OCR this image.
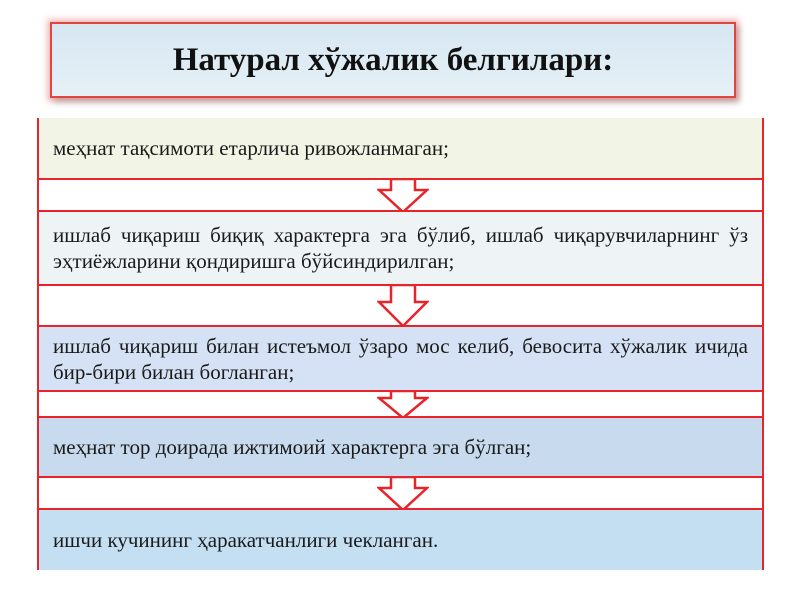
Натурал хўжалик белгилари:
меҳнат тақсимоти етарлича ривожланмаган;
ишлаб чиқариш биқиқ характерга эга бўлиб, ишлаб чиқарувчиларнинг ўз эҳтиёжларини қондиришга бўйсиндирилган;
ишлаб чиқариш билан истеъмол ўзаро мос келиб, бевосита хўжалик ичида бир-бири билан богланган;
меҳнат тор доирада ижтимоий характерга эга бўлган;
ишчи кучининг ҳаракатчанлиги чекланган.
